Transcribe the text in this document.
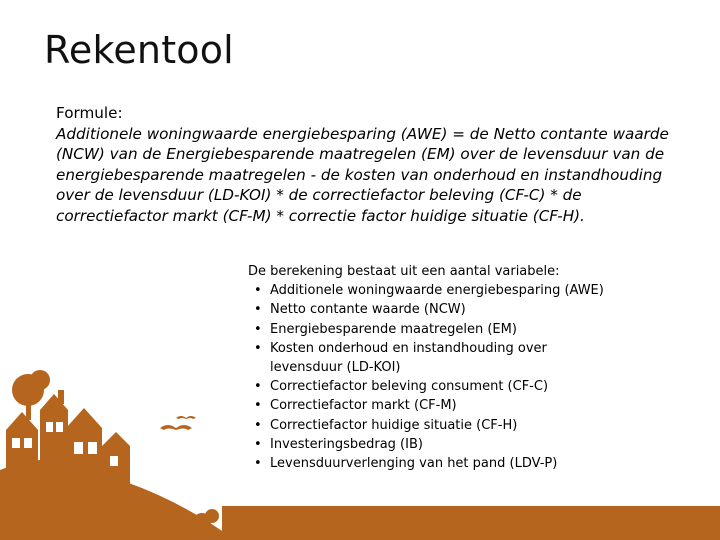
Rekentool
Formule:
Additionele woningwaarde energiebesparing (AWE) = de Netto contante waarde (NCW) van de Energiebesparende maatregelen (EM) over de levensduur van de energiebesparende maatregelen - de kosten van onderhoud en instandhouding over de levensduur (LD-KOI) * de correctiefactor beleving (CF-C) * de correctiefactor markt (CF-M) * correctie factor huidige situatie (CF-H).
De berekening bestaat uit een aantal variabele:
• Additionele woningwaarde energiebesparing (AWE)
• Netto contante waarde (NCW)
• Energiebesparende maatregelen (EM)
• Kosten onderhoud en instandhouding over levensduur (LD-KOI)
• Correctiefactor beleving consument (CF-C)
• Correctiefactor markt (CF-M)
• Correctiefactor huidige situatie (CF-H)
• Investeringsbedrag (IB)
• Levensduurverlenging van het pand (LDV-P)
